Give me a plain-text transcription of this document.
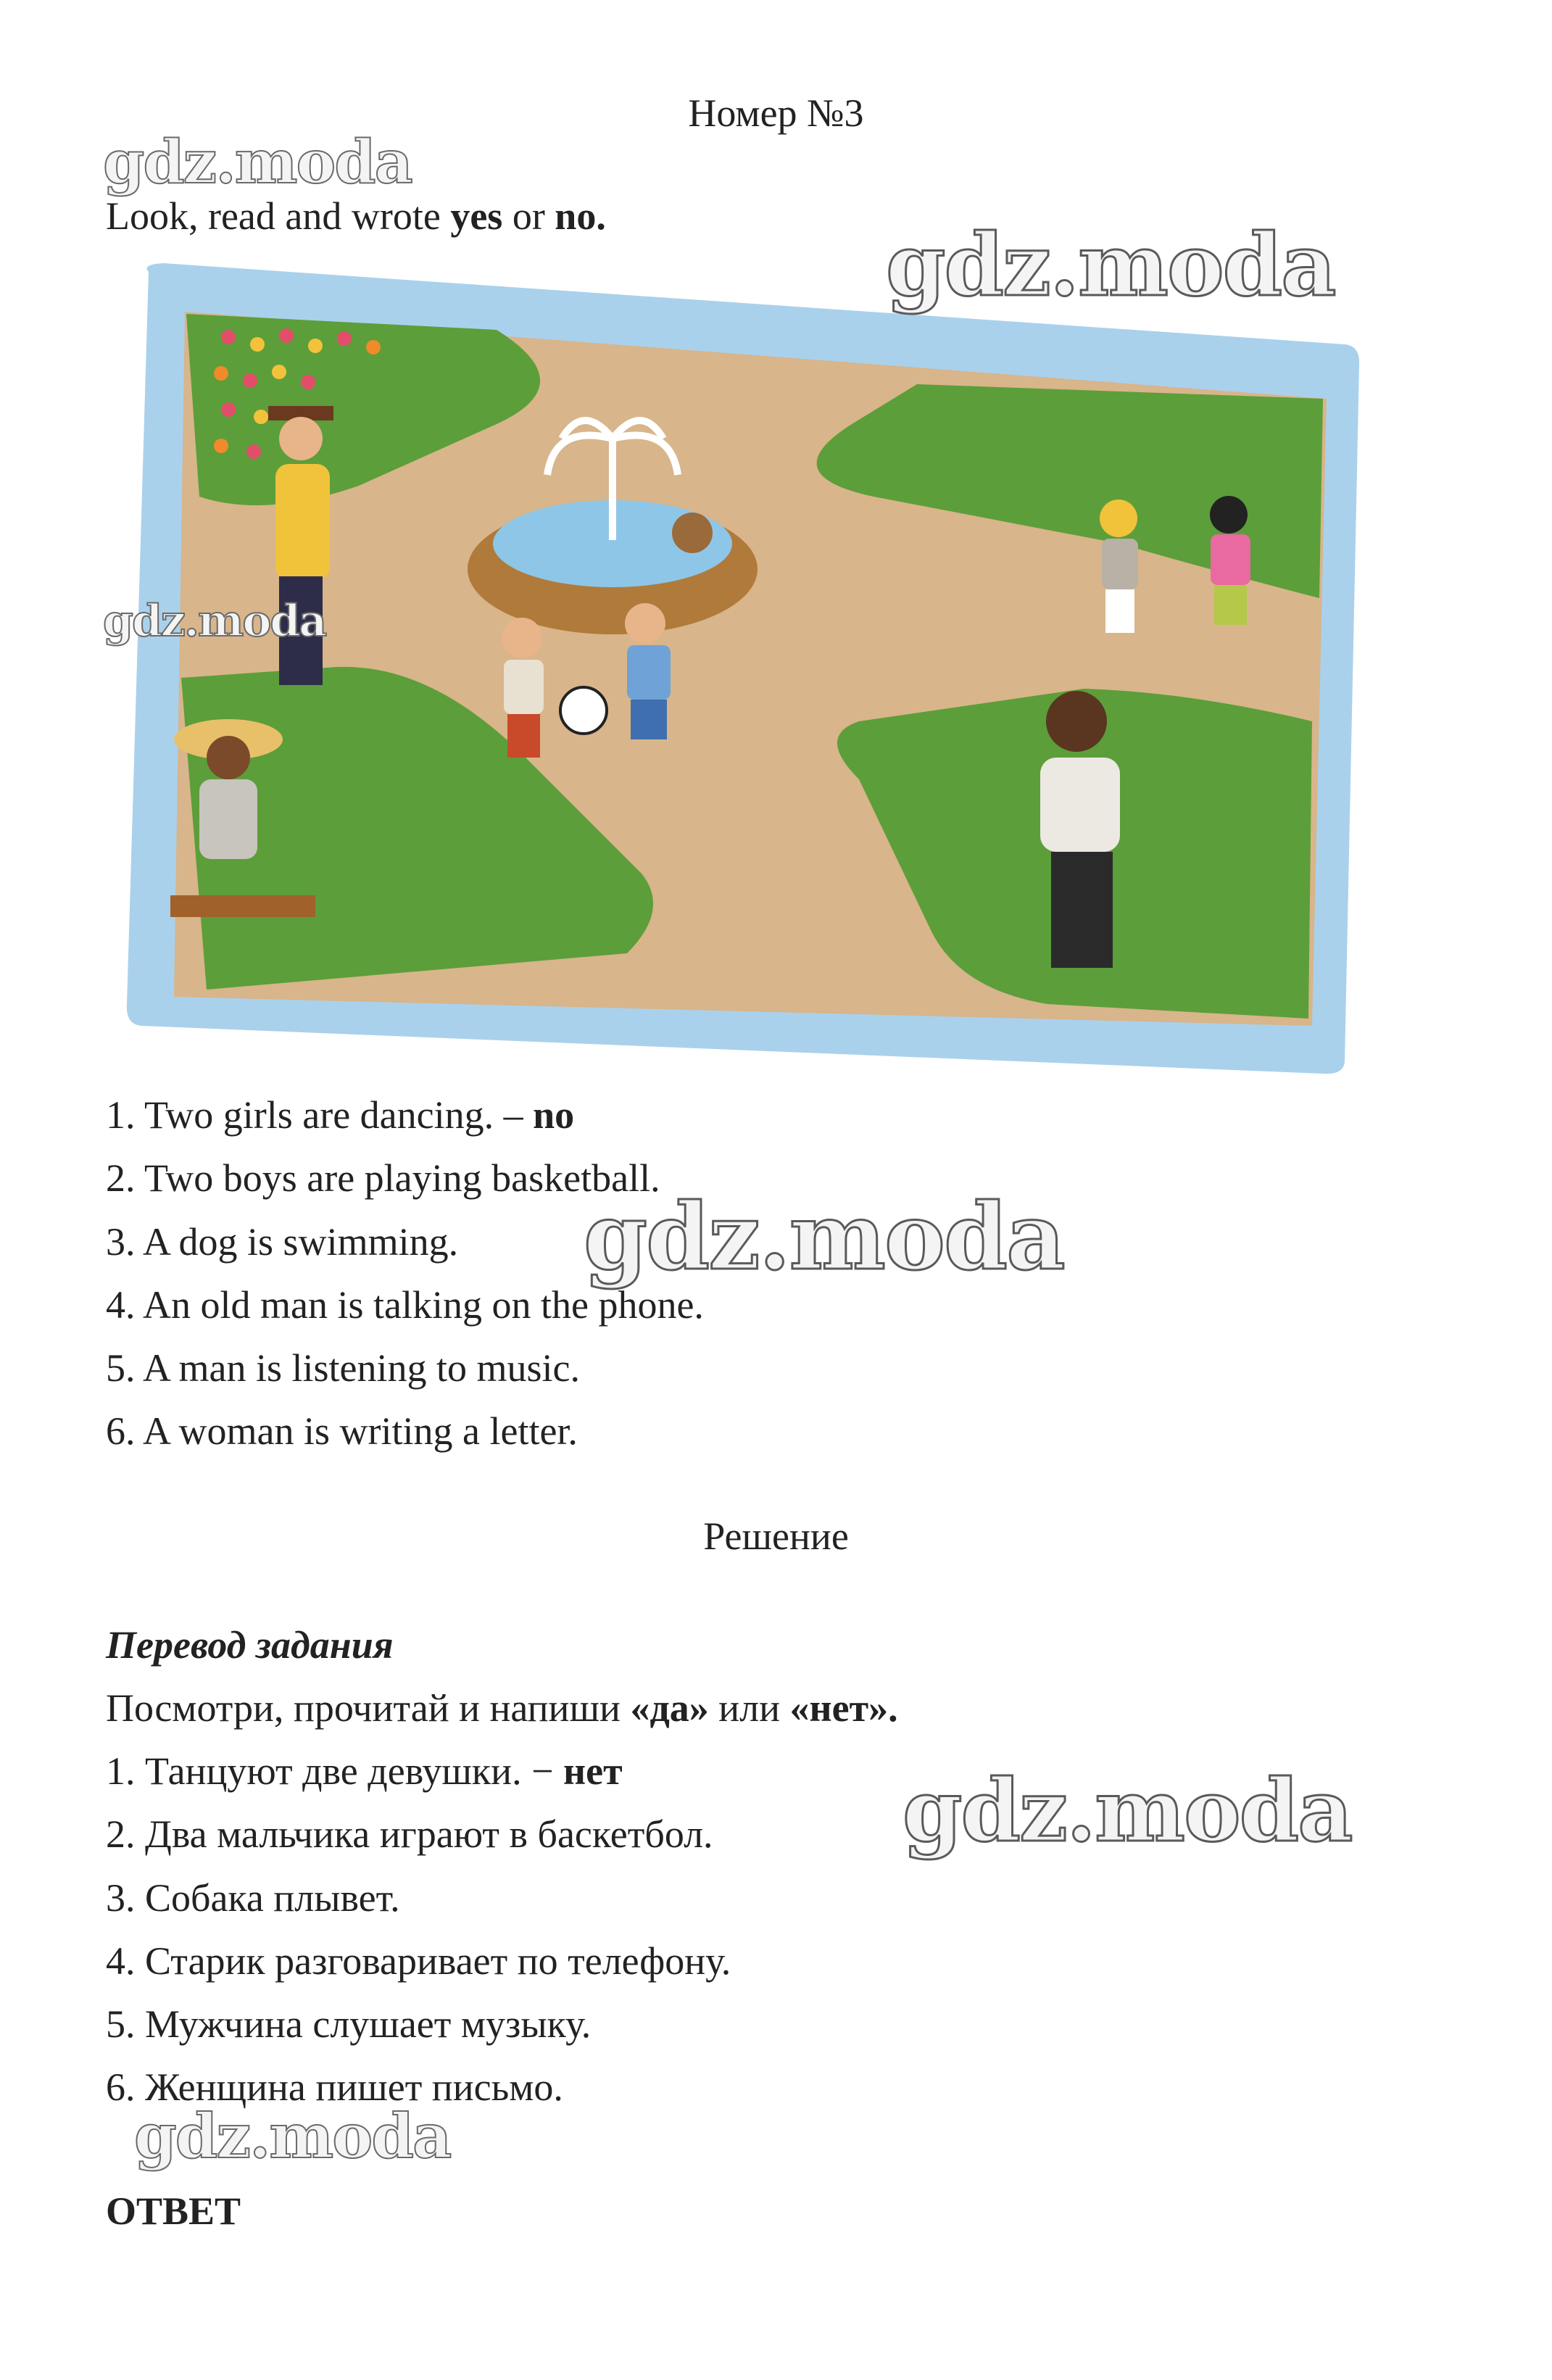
Номер №3
Look, read and wrote yes or no.
1. Two girls are dancing. – no
2. Two boys are playing basketball.
3. A dog is swimming.
4. An old man is talking on the phone.
5. A man is listening to music.
6. A woman is writing a letter.
Решение
Перевод задания
Посмотри, прочитай и напиши «да» или «нет».
1. Танцуют две девушки. − нет
2. Два мальчика играют в баскетбол.
3. Собака плывет.
4. Старик разговаривает по телефону.
5. Мужчина слушает музыку.
6. Женщина пишет письмо.
ОТВЕТ
gdz.moda
gdz.moda
gdz.moda
gdz.moda
gdz.moda
gdz.moda
